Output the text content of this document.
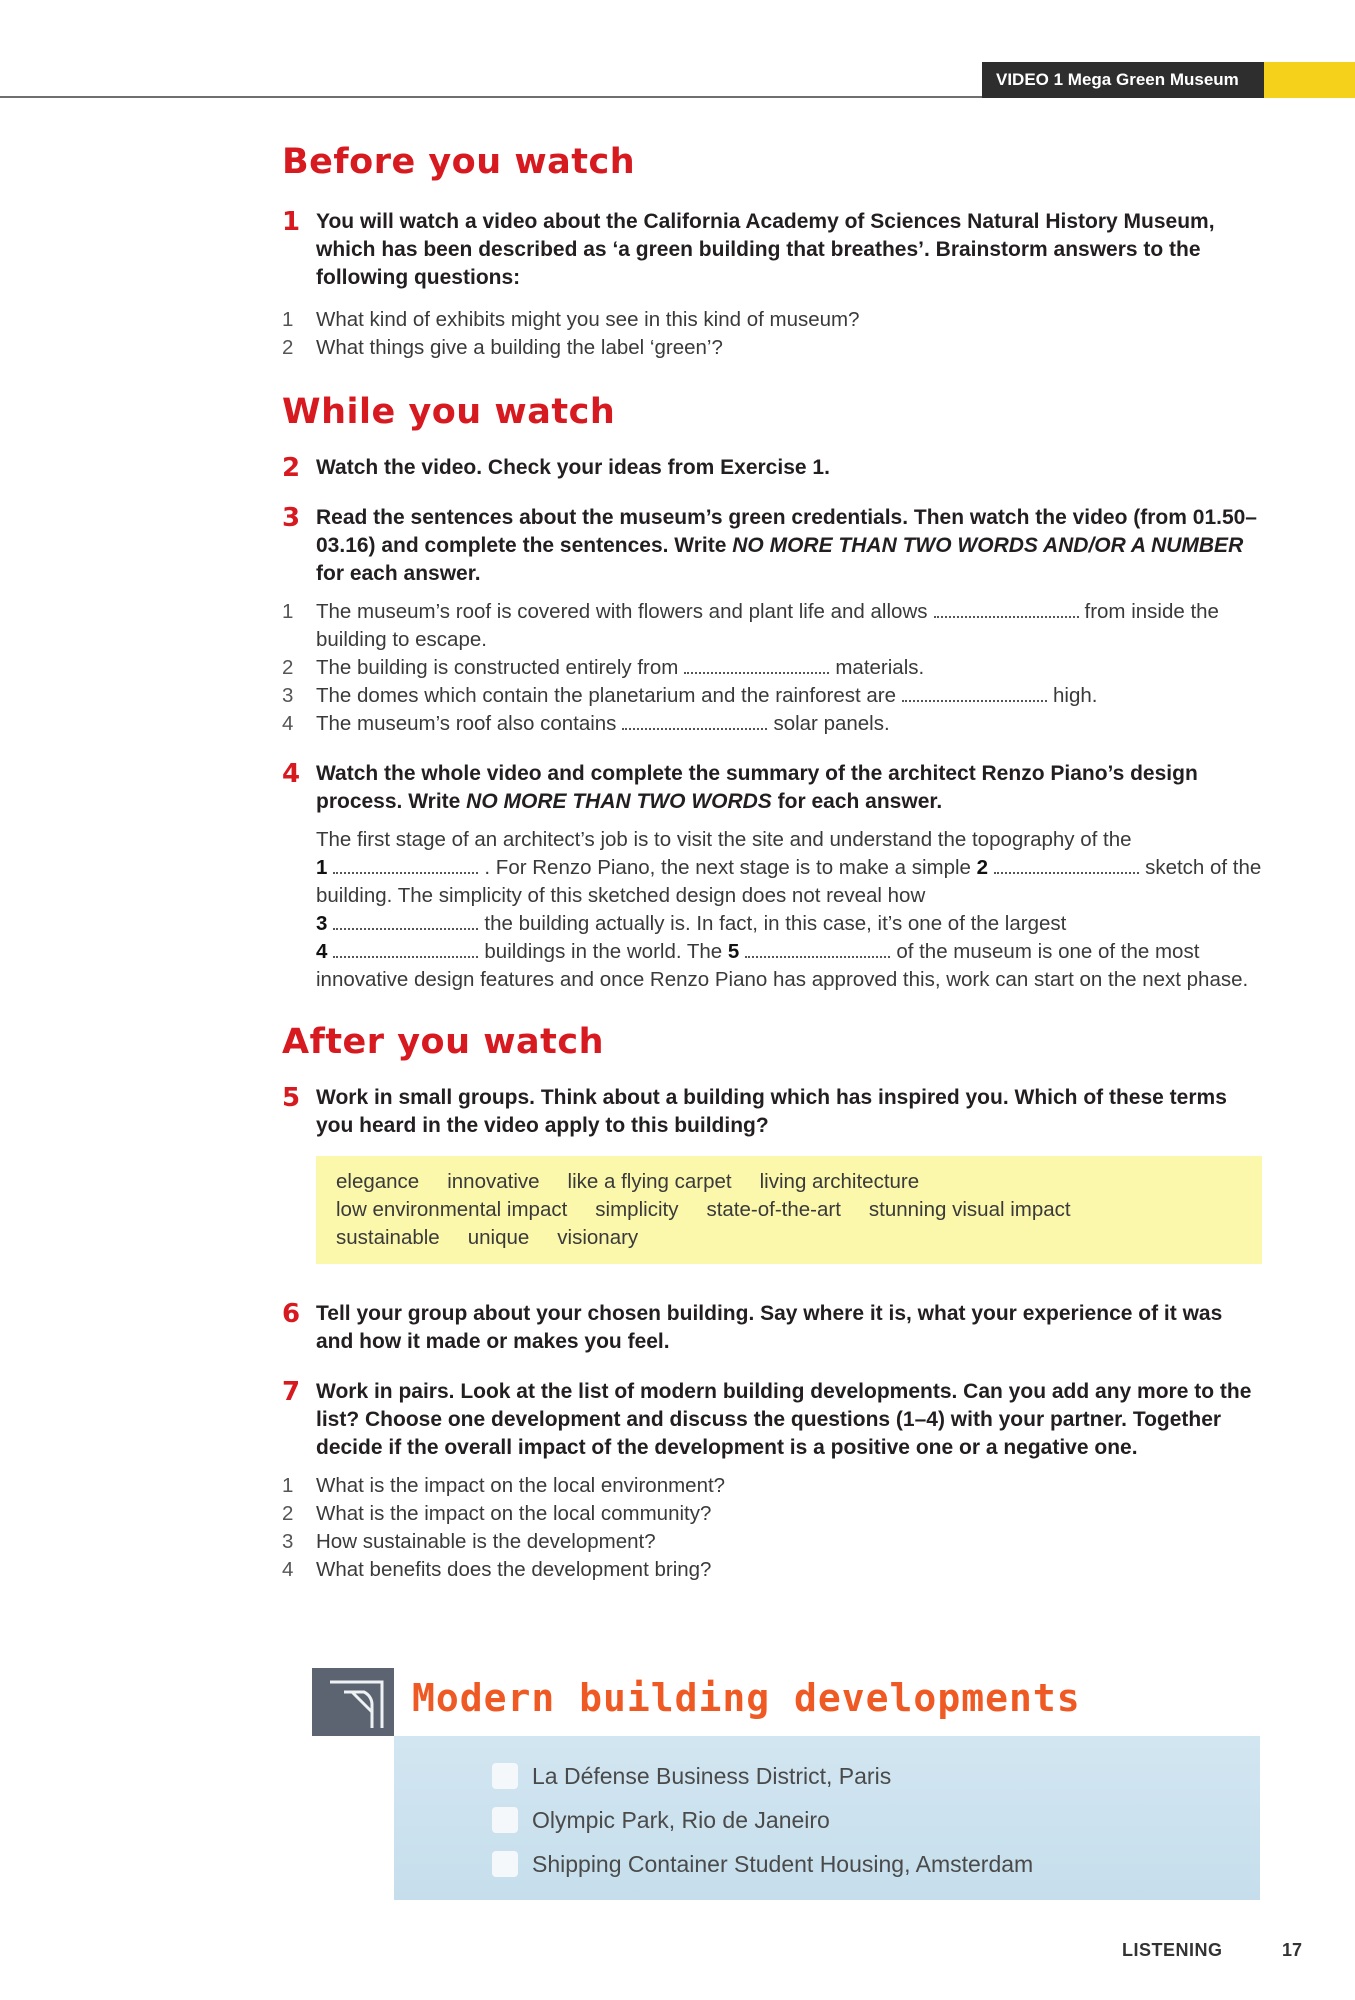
VIDEO 1 Mega Green Museum
Before you watch
1 You will watch a video about the California Academy of Sciences Natural History Museum, which has been described as ‘a green building that breathes’. Brainstorm answers to the following questions:

1 What kind of exhibits might you see in this kind of museum?
2 What things give a building the label ‘green’?
While you watch
2 Watch the video. Check your ideas from Exercise 1.

3 Read the sentences about the museum’s green credentials. Then watch the video (from 01.50–03.16) and complete the sentences. Write NO MORE THAN TWO WORDS AND/OR A NUMBER for each answer.

1 The museum’s roof is covered with flowers and plant life and allows	from inside the building to escape.
2 The building is constructed entirely from	materials.
3 The domes which contain the planetarium and the rainforest are	high.
4 The museum’s roof also contains	solar panels.
4 Watch the whole video and complete the summary of the architect Renzo Piano’s design process. Write NO MORE THAN TWO WORDS for each answer.

The first stage of an architect’s job is to visit the site and understand the topography of the
1	. For Renzo Piano, the next stage is to make a simple 2	sketch of the building. The simplicity of this sketched design does not reveal how
3	the building actually is. In fact, in this case, it’s one of the largest
4	buildings in the world. The 5	of the museum is one of the most innovative design features and once Renzo Piano has approved this, work can start on the next phase.

After you watch
5 Work in small groups. Think about a building which has inspired you. Which of these terms you heard in the video apply to this building?

elegance innovative like a flying carpet living architecture
low environmental impact simplicity state-of-the-art stunning visual impact
sustainable unique visionary
6 Tell your group about your chosen building. Say where it is, what your experience of it was and how it made or makes you feel.

7 Work in pairs. Look at the list of modern building developments. Can you add any more to the list? Choose one development and discuss the questions (1–4) with your partner. Together decide if the overall impact of the development is a positive one or a negative one.

1 What is the impact on the local environment?
2 What is the impact on the local community?
3 How sustainable is the development?
4 What benefits does the development bring?
Modern building developments
La Défense Business District, Paris
Olympic Park, Rio de Janeiro
Shipping Container Student Housing, Amsterdam
LISTENING	17
